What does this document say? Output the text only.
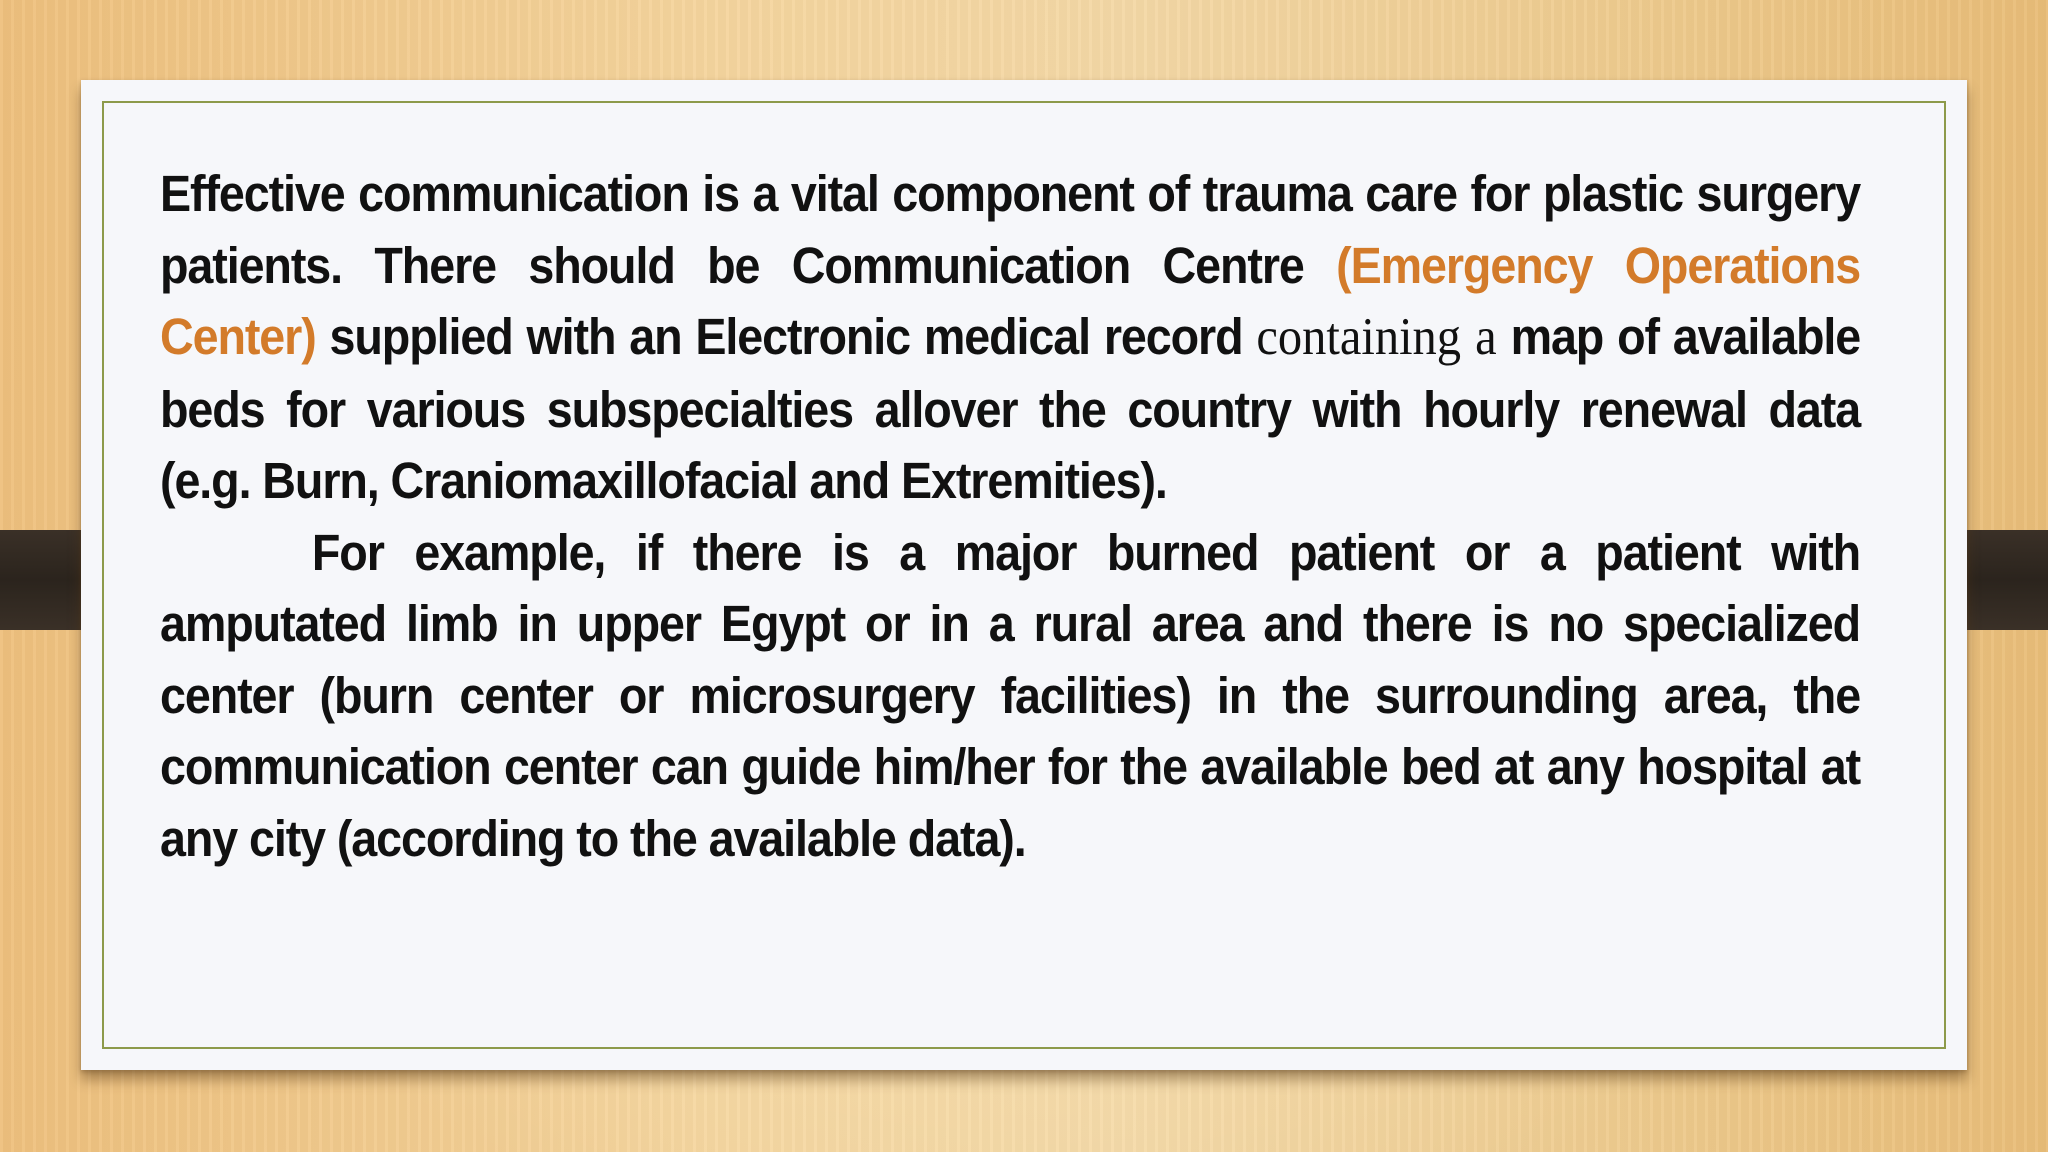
Effective communication is a vital component of trauma care for plastic surgery patients. There should be Communication Centre (Emergency Operations Center) supplied with an Electronic medical record containing a map of available beds for various subspecialties allover the country with hourly renewal data (e.g. Burn, Craniomaxillofacial and Extremities).

For example, if there is a major burned patient or a patient with amputated limb in upper Egypt or in a rural area and there is no specialized center (burn center or microsurgery facilities) in the surrounding area, the communication center can guide him/her for the available bed at any hospital at any city (according to the available data).
